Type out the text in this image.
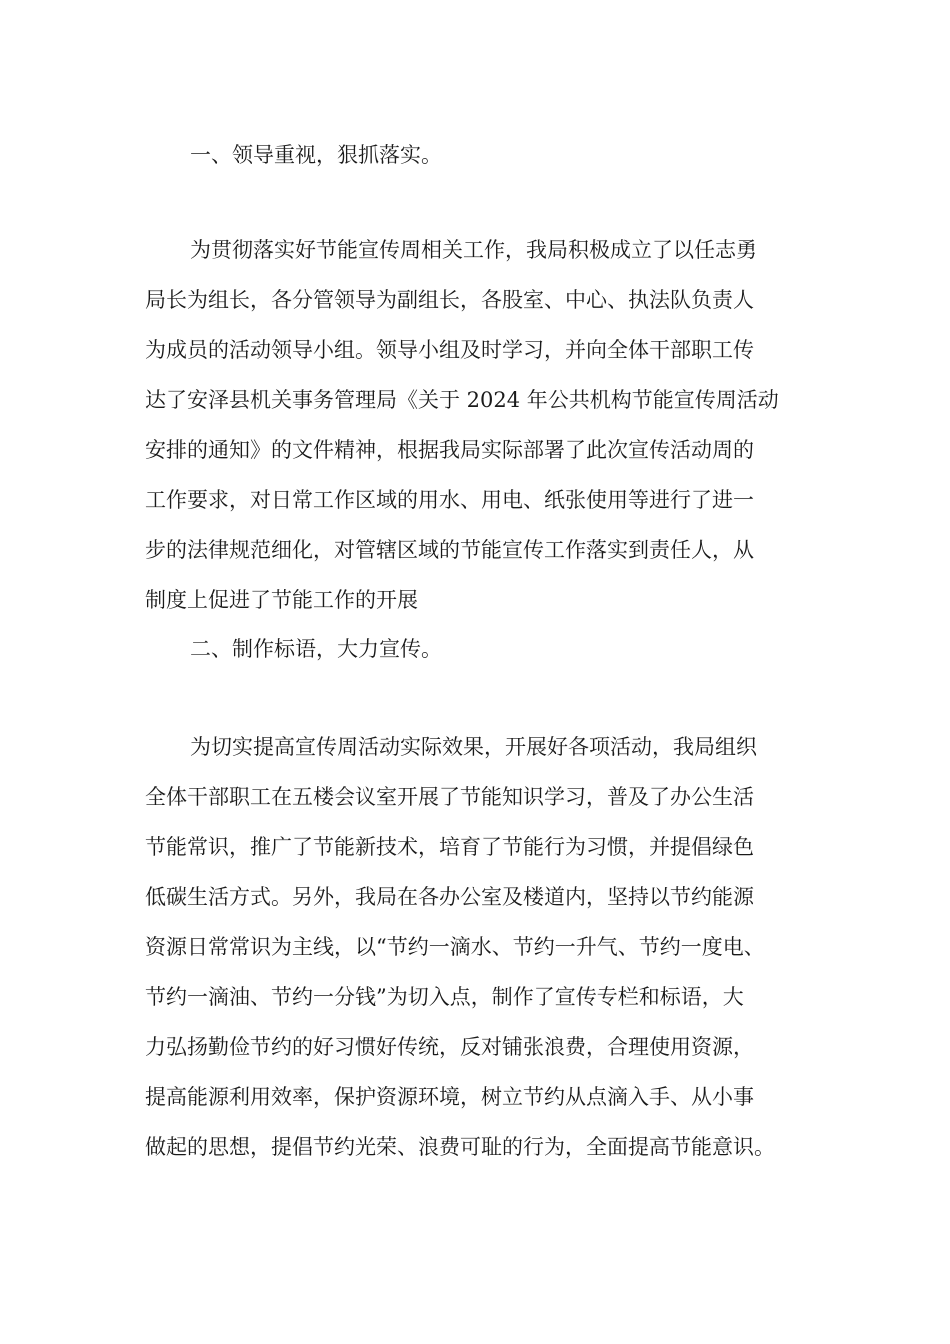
一、领导重视，狠抓落实。
为贯彻落实好节能宣传周相关工作，我局积极成立了以任志勇
局长为组长，各分管领导为副组长，各股室、中心、执法队负责人
为成员的活动领导小组。领导小组及时学习，并向全体干部职工传
达了安泽县机关事务管理局《关于 2024 年公共机构节能宣传周活动
安排的通知》的文件精神，根据我局实际部署了此次宣传活动周的
工作要求，对日常工作区域的用水、用电、纸张使用等进行了进一
步的法律规范细化，对管辖区域的节能宣传工作落实到责任人，从
制度上促进了节能工作的开展
二、制作标语，大力宣传。
为切实提高宣传周活动实际效果，开展好各项活动，我局组织
全体干部职工在五楼会议室开展了节能知识学习，普及了办公生活
节能常识，推广了节能新技术，培育了节能行为习惯，并提倡绿色
低碳生活方式。另外，我局在各办公室及楼道内，坚持以节约能源
资源日常常识为主线，以“节约一滴水、节约一升气、节约一度电、
节约一滴油、节约一分钱”为切入点，制作了宣传专栏和标语，大
力弘扬勤俭节约的好习惯好传统，反对铺张浪费，合理使用资源，
提高能源利用效率，保护资源环境，树立节约从点滴入手、从小事
做起的思想，提倡节约光荣、浪费可耻的行为，全面提高节能意识。
